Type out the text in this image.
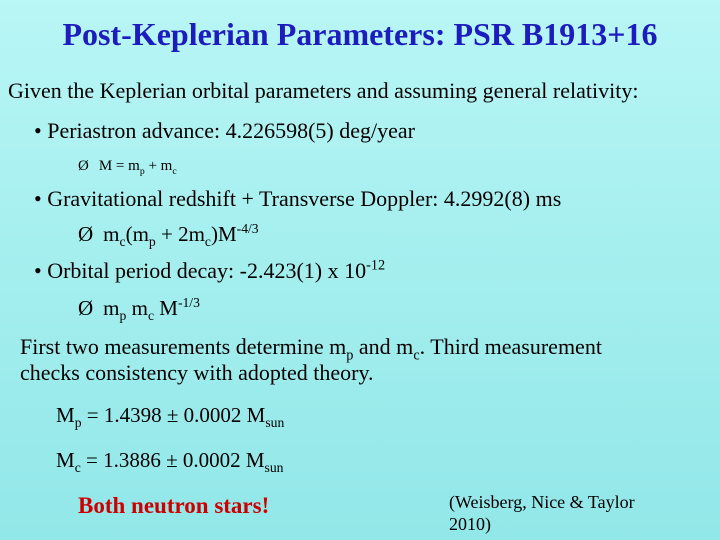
Post-Keplerian Parameters: PSR B1913+16
Given the Keplerian orbital parameters and assuming general relativity:
• Periastron advance: 4.226598(5) deg/year
Ø $M = m_p + m_c$
• Gravitational redshift + Transverse Doppler: 4.2992(8) ms
Ø $m_c(m_p + 2m_c)M^{-4/3}$
• Orbital period decay: -2.423(1) x $10^{-12}$
Ø $m_p$ $m_c$ $M^{-1/3}$
First two measurements determine $m_p$ and $m_c$. Third measurement
checks consistency with adopted theory.
$M_p = 1.4398 \pm 0.0002$ $M_{sun}$
$M_c = 1.3886 \pm 0.0002$ $M_{sun}$
Both neutron stars!	(Weisberg, Nice & Taylor 2010)
